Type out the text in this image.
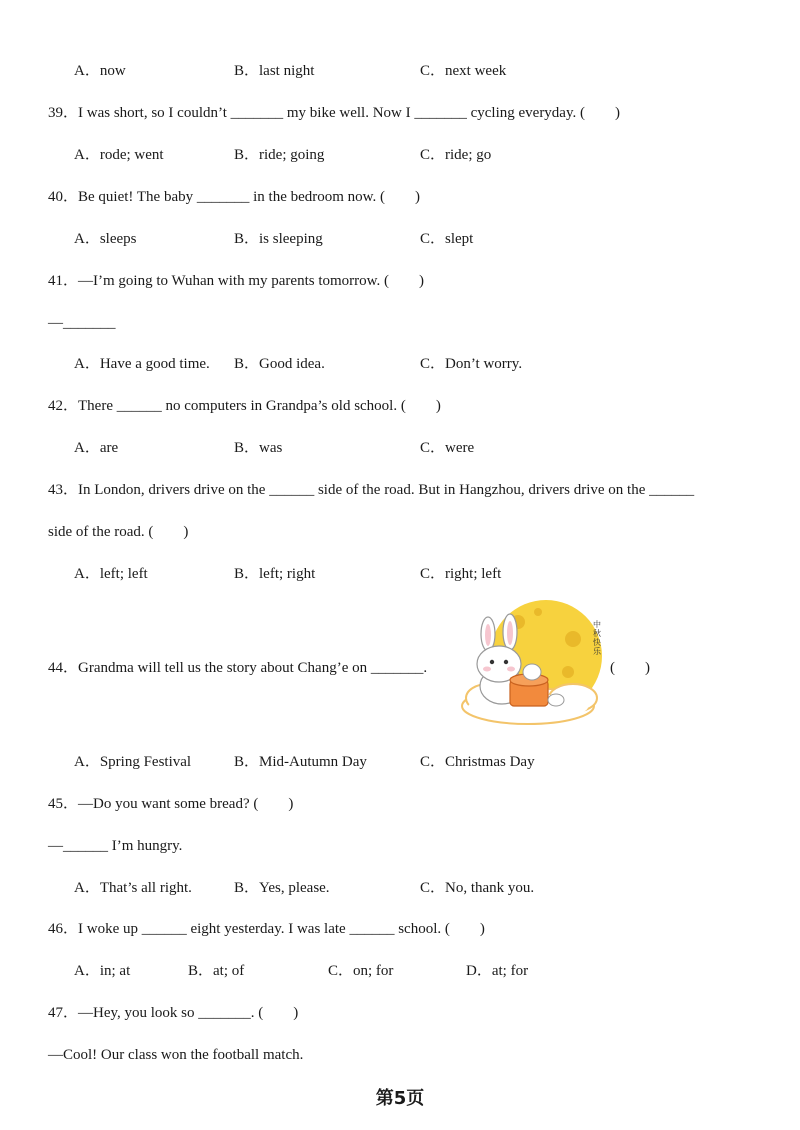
A．now	B．last night	C．next week
39．I was short, so I couldn’t _______ my bike well. Now I _______ cycling everyday. (　　)
A．rode; went	B．ride; going	C．ride; go
40．Be quiet! The baby _______ in the bedroom now. (　　)
A．sleeps	B．is sleeping	C．slept
41．—I’m going to Wuhan with my parents tomorrow. (　　)
—_______
A．Have a good time. B．Good idea.	C．Don’t worry.
42．There ______ no computers in Grandpa’s old school. (　　)
A．are	B．was	C．were
43．In London, drivers drive on the ______ side of the road. But in Hangzhou, drivers drive on the ______
side of the road. (　　)
A．left; left	B．left; right	C．right; left
44．Grandma will tell us the story about Chang’e on _______.
中秋快乐
(　　)
A．Spring Festival	B．Mid-Autumn Day	C．Christmas Day
45．—Do you want some bread? (　　)
—______ I’m hungry.
A．That’s all right.	B．Yes, please.	C．No, thank you.
46．I woke up ______ eight yesterday. I was late ______ school. (　　)
A．in; at	B．at; of	C．on; for	D．at; for
47．—Hey, you look so _______. (　　)
—Cool! Our class won the football match.
第5页
